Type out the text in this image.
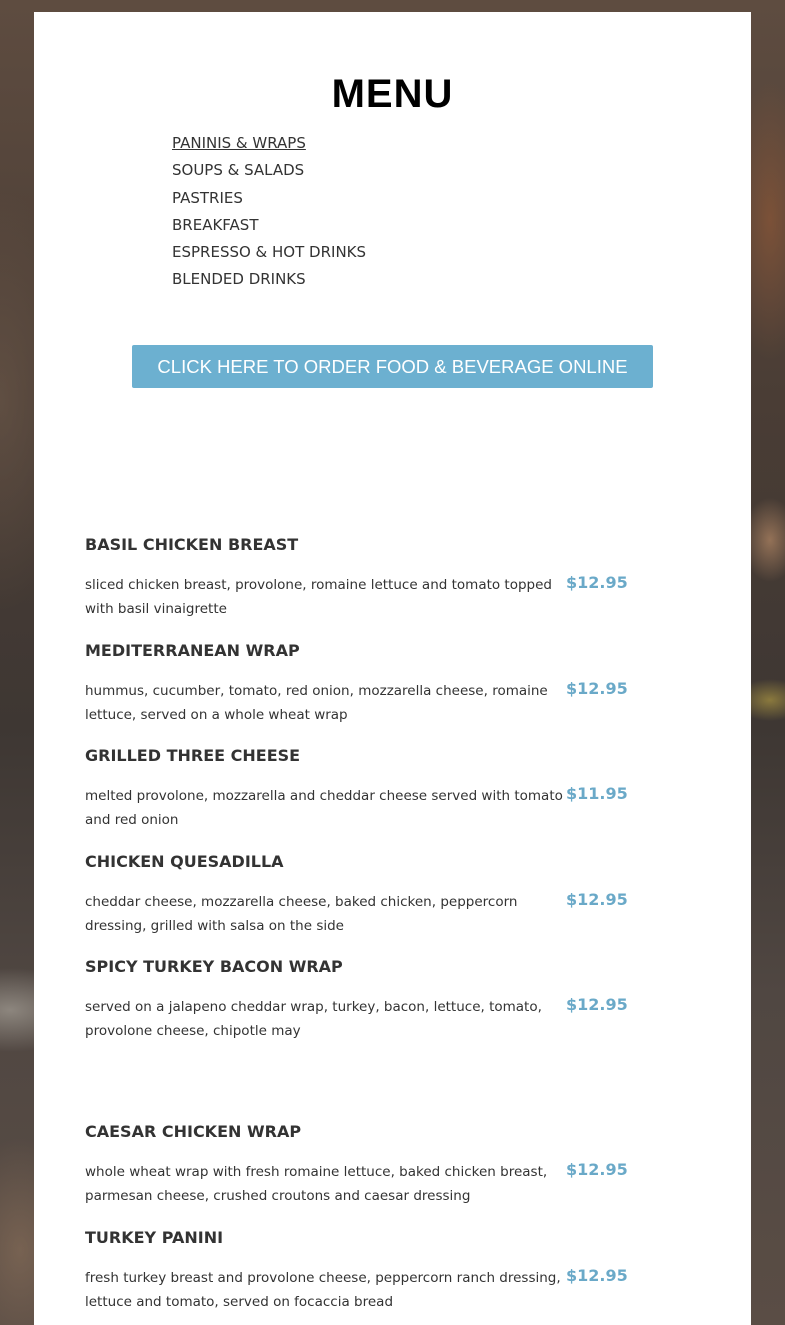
MENU
PANINIS & WRAPS
SOUPS & SALADS
PASTRIES
BREAKFAST
ESPRESSO & HOT DRINKS
BLENDED DRINKS
CLICK HERE TO ORDER FOOD & BEVERAGE ONLINE
BASIL CHICKEN BREAST

sliced chicken breast, provolone, romaine lettuce and tomato topped with basil vinaigrette

$12.95
MEDITERRANEAN WRAP

hummus, cucumber, tomato, red onion, mozzarella cheese, romaine lettuce, served on a whole wheat wrap

$12.95
GRILLED THREE CHEESE

melted provolone, mozzarella and cheddar cheese served with tomato and red onion

$11.95
CHICKEN QUESADILLA

cheddar cheese, mozzarella cheese, baked chicken, peppercorn dressing, grilled with salsa on the side

$12.95
SPICY TURKEY BACON WRAP

served on a jalapeno cheddar wrap, turkey, bacon, lettuce, tomato, provolone cheese, chipotle may

$12.95
CAESAR CHICKEN WRAP

whole wheat wrap with fresh romaine lettuce, baked chicken breast, parmesan cheese, crushed croutons and caesar dressing

$12.95
TURKEY PANINI

fresh turkey breast and provolone cheese, peppercorn ranch dressing, lettuce and tomato, served on focaccia bread

$12.95
